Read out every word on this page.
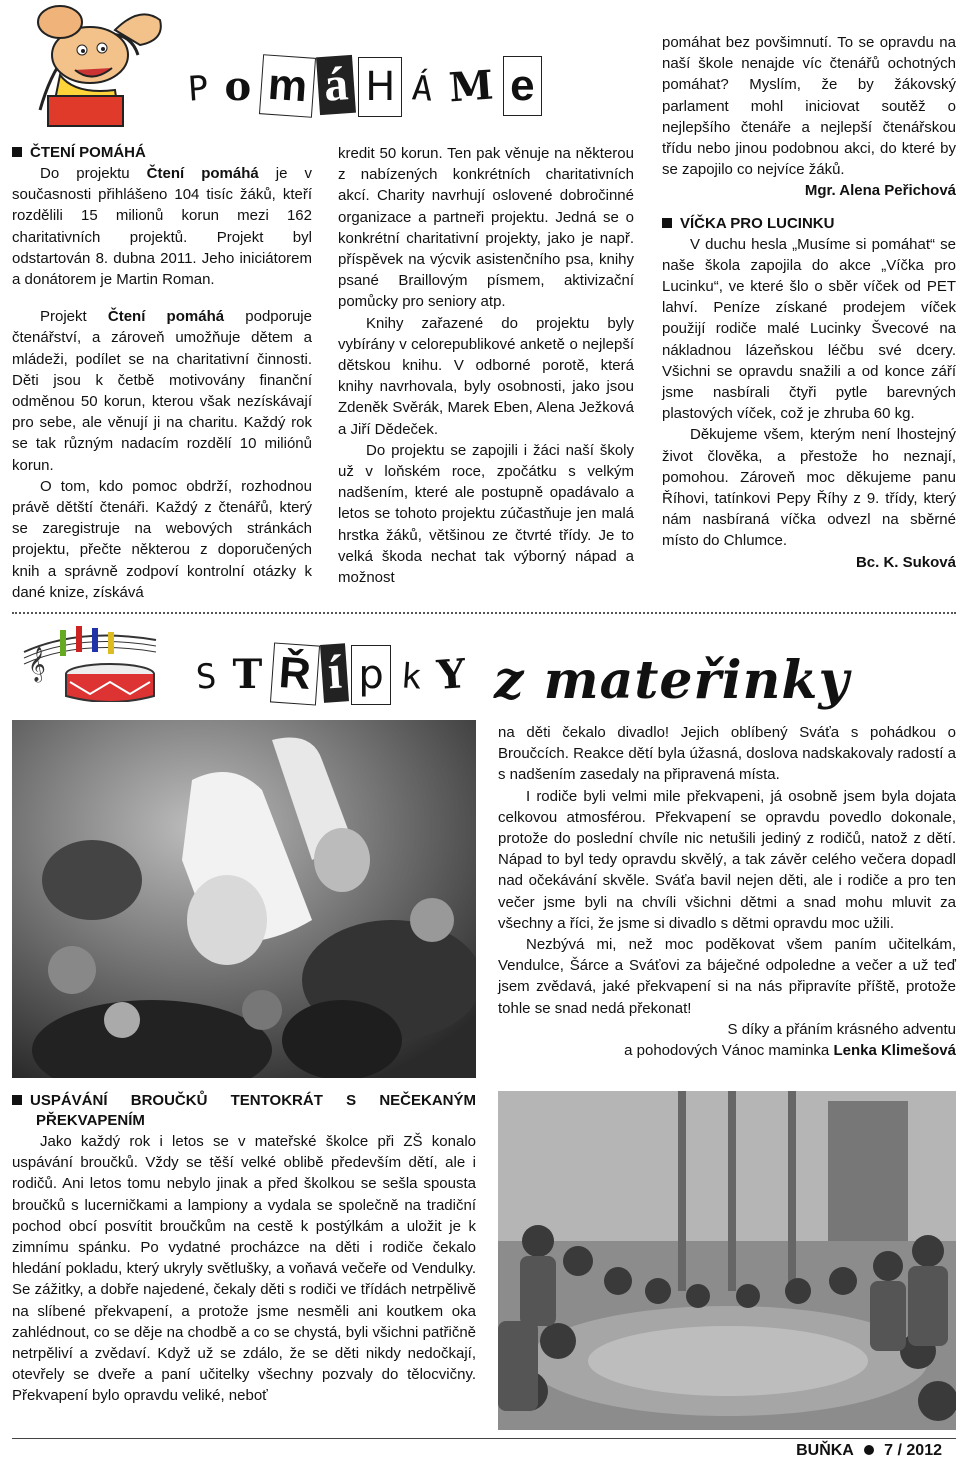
P o m á H Á M e

ČTENÍ POMÁHÁ

Do projektu Čtení pomáhá je v současnosti přihlášeno 104 tisíc žáků, kteří rozdělili 15 milionů korun mezi 162 charitativních projektů. Projekt byl odstartován 8. dubna 2011. Jeho iniciátorem a donátorem je Martin Roman.

Projekt Čtení pomáhá podporuje čtenářství, a zároveň umožňuje dětem a mládeži, podílet se na charitativní činnosti. Děti jsou k četbě motivovány finanční odměnou 50 korun, kterou však nezískávají pro sebe, ale věnují ji na charitu. Každý rok se tak různým nadacím rozdělí 10 miliónů korun.

O tom, kdo pomoc obdrží, rozhodnou právě dětští čtenáři. Každý z čtenářů, který se zaregistruje na webových stránkách projektu, přečte některou z doporučených knih a správně zodpoví kontrolní otázky k dané knize, získává

kredit 50 korun. Ten pak věnuje na některou z nabízených konkrétních charitativních akcí. Charity navrhují oslovené dobročinné organizace a partneři projektu. Jedná se o konkrétní charitativní projekty, jako je např. příspěvek na výcvik asistenčního psa, knihy psané Braillovým písmem, aktivizační pomůcky pro seniory atp.

Knihy zařazené do projektu byly vybírány v celorepublikové anketě o nejlepší dětskou knihu. V odborné porotě, která knihy navrhovala, byly osobnosti, jako jsou Zdeněk Svěrák, Marek Eben, Alena Ježková a Jiří Dědeček.

Do projektu se zapojili i žáci naší školy už v loňském roce, zpočátku s velkým nadšením, které ale postupně opadávalo a letos se tohoto projektu zúčastňuje jen malá hrstka žáků, většinou ze čtvrté třídy. Je to velká škoda nechat tak výborný nápad a možnost

pomáhat bez povšimnutí. To se opravdu na naší škole nenajde víc čtenářů ochotných pomáhat? Myslím, že by žákovský parlament mohl iniciovat soutěž o nejlepšího čtenáře a nejlepší čtenářskou třídu nebo jinou podobnou akci, do které by se zapojilo co nejvíce žáků.

Mgr. Alena Peřichová

VÍČKA PRO LUCINKU

V duchu hesla „Musíme si pomáhat“ se naše škola zapojila do akce „Víčka pro Lucinku“, ve které šlo o sběr víček od PET lahví. Peníze získané prodejem víček použijí rodiče malé Lucinky Švecové na nákladnou lázeňskou léčbu své dcery. Všichni se opravdu snažili a od konce září jsme nasbírali čtyři pytle barevných plastových víček, což je zhruba 60 kg.

Děkujeme všem, kterým není lhostejný život člověka, a přestože ho neznají, pomohou. Zároveň moc děkujeme panu Říhovi, tatínkovi Pepy Říhy z 9. třídy, který nám nasbíraná víčka odvezl na sběrné místo do Chlumce.

Bc. K. Suková

𝄞	S T Ř í p k Y z mateřinky

na děti čekalo divadlo! Jejich oblíbený Sváťa s pohádkou o Broučcích. Reakce dětí byla úžasná, doslova nadskakovaly radostí a s nadšením zasedaly na připravená místa.

I rodiče byli velmi mile překvapeni, já osobně jsem byla dojata celkovou atmosférou. Překvapení se opravdu povedlo dokonale, protože do poslední chvíle nic netušili jediný z rodičů, natož z dětí. Nápad to byl tedy opravdu skvělý, a tak závěr celého večera dopadl nad očekávání skvěle. Sváťa bavil nejen děti, ale i rodiče a pro ten večer jsme byli na chvíli všichni dětmi a snad mohu mluvit za všechny a říci, že jsme si divadlo s dětmi opravdu moc užili.

Nezbývá mi, než moc poděkovat všem paním učitelkám, Vendulce, Šárce a Sváťovi za báječné odpoledne a večer a už teď jsem zvědavá, jaké překvapení si na nás připravíte příště, protože tohle se snad nedá překonat!

S díky a přáním krásného adventu

a pohodových Vánoc maminka Lenka Klimešová

USPÁVÁNÍ BROUČKŮ TENTOKRÁT S NEČEKANÝM PŘEKVAPENÍM

Jako každý rok i letos se v mateřské školce při ZŠ konalo uspávání broučků. Vždy se těší velké oblibě především dětí, ale i rodičů. Ani letos tomu nebylo jinak a před školkou se sešla spousta broučků s lucerničkami a lampiony a vydala se společně na tradiční pochod obcí posvítit broučkům na cestě k postýlkám a uložit je k zimnímu spánku. Po vydatné procházce na děti i rodiče čekalo hledání pokladu, který ukryly světlušky, a voňavá večeře od Vendulky. Se zážitky, a dobře najedené, čekaly děti s rodiči ve třídách netrpělivě na slíbené překvapení, a protože jsme nesměli ani koutkem oka zahlédnout, co se děje na chodbě a co se chystá, byli všichni patřičně netrpěliví a zvědaví. Když už se zdálo, že se děti nikdy nedočkají, otevřely se dveře a paní učitelky všechny pozvaly do tělocvičny. Překvapení bylo opravdu veliké, neboť

BUŇKA 7 / 2012
